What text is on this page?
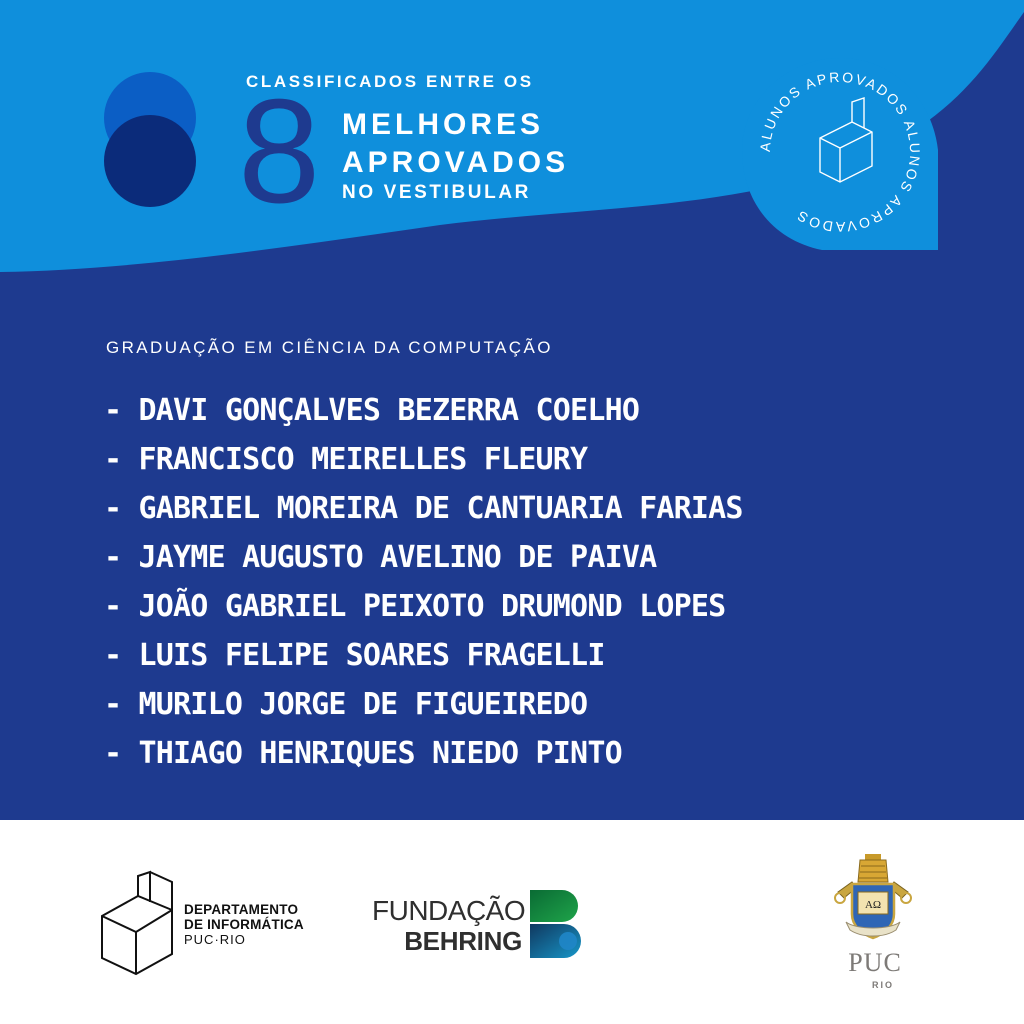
CLASSIFICADOS ENTRE OS
8 MELHORES
APROVADOS
NO VESTIBULAR
ALUNOS APROVADOS ALUNOS APROVADOS
GRADUAÇÃO EM CIÊNCIA DA COMPUTAÇÃO
- DAVI GONÇALVES BEZERRA COELHO
- FRANCISCO MEIRELLES FLEURY
- GABRIEL MOREIRA DE CANTUARIA FARIAS
- JAYME AUGUSTO AVELINO DE PAIVA
- JOÃO GABRIEL PEIXOTO DRUMOND LOPES
- LUIS FELIPE SOARES FRAGELLI
- MURILO JORGE DE FIGUEIREDO
- THIAGO HENRIQUES NIEDO PINTO
DEPARTAMENTO
DE INFORMÁTICA
PUC·RIO
FUNDAÇÃO
BEHRING
AΩ
PUC
RIO
